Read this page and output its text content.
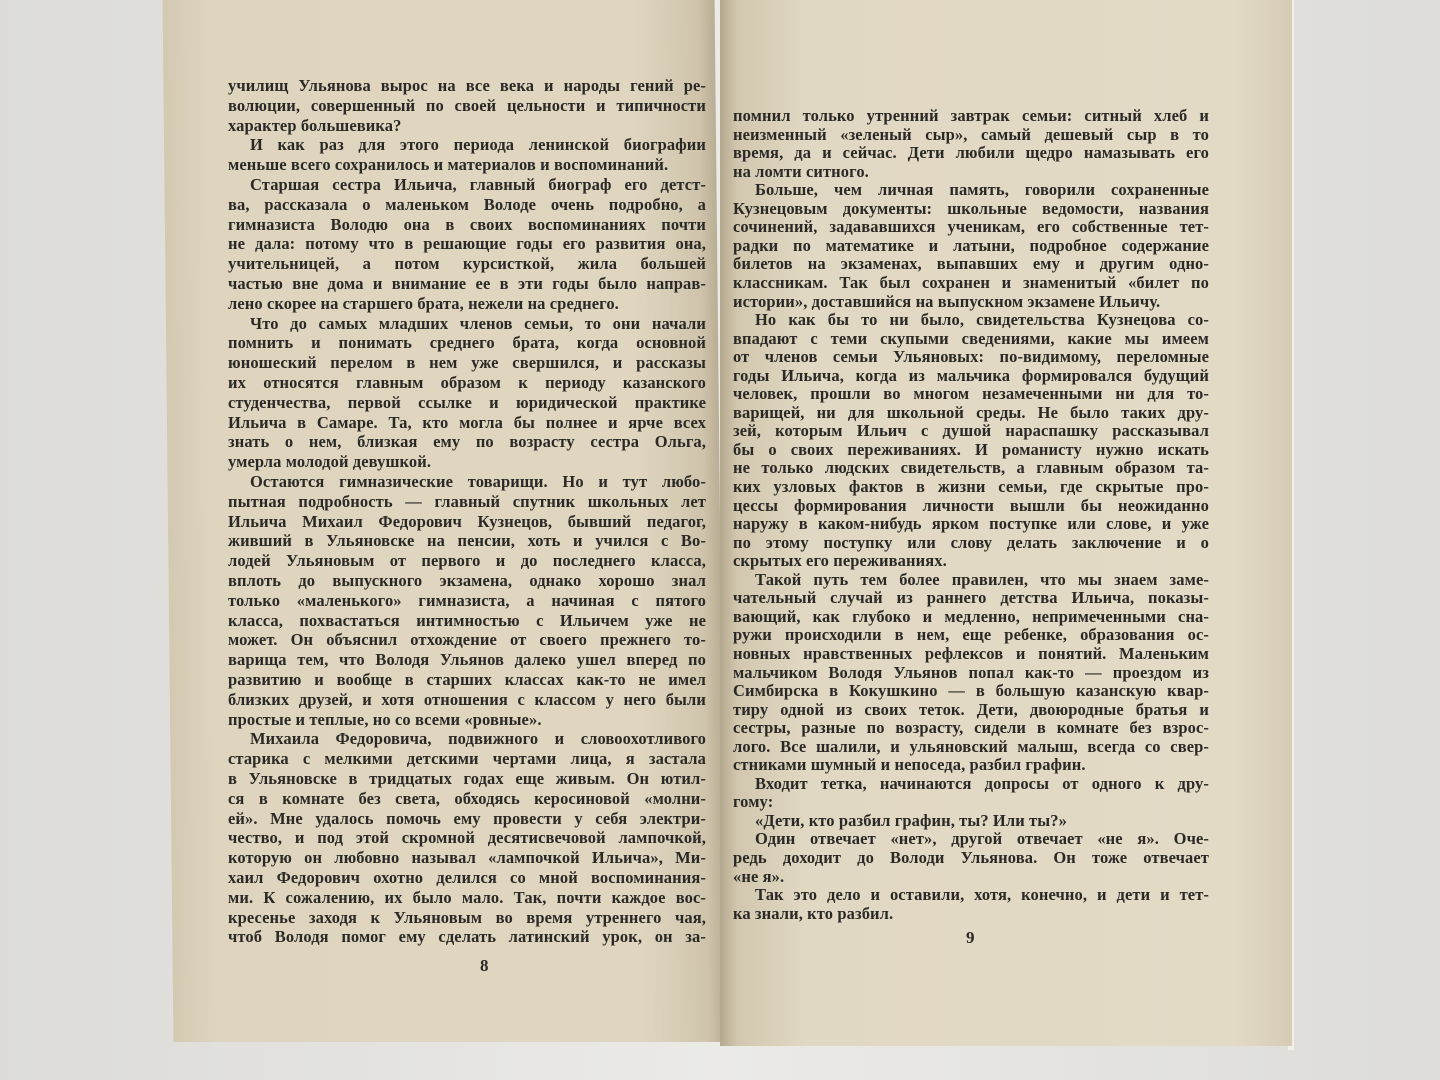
училищ Ульянова вырос на все века и народы гений ре-
волюции, совершенный по своей цельности и типичности
характер большевика?
И как раз для этого периода ленинской биографии
меньше всего сохранилось и материалов и воспоминаний.
Старшая сестра Ильича, главный биограф его детст-
ва, рассказала о маленьком Володе очень подробно, а
гимназиста Володю она в своих воспоминаниях почти
не дала: потому что в решающие годы его развития она,
учительницей, а потом курсисткой, жила большей
частью вне дома и внимание ее в эти годы было направ-
лено скорее на старшего брата, нежели на среднего.
Что до самых младших членов семьи, то они начали
помнить и понимать среднего брата, когда основной
юношеский перелом в нем уже свершился, и рассказы
их относятся главным образом к периоду казанского
студенчества, первой ссылке и юридической практике
Ильича в Самаре. Та, кто могла бы полнее и ярче всех
знать о нем, близкая ему по возрасту сестра Ольга,
умерла молодой девушкой.
Остаются гимназические товарищи. Но и тут любо-
пытная подробность — главный спутник школьных лет
Ильича Михаил Федорович Кузнецов, бывший педагог,
живший в Ульяновске на пенсии, хоть и учился с Во-
лодей Ульяновым от первого и до последнего класса,
вплоть до выпускного экзамена, однако хорошо знал
только «маленького» гимназиста, а начиная с пятого
класса, похвастаться интимностью с Ильичем уже не
может. Он объяснил отхождение от своего прежнего то-
варища тем, что Володя Ульянов далеко ушел вперед по
развитию и вообще в старших классах как-то не имел
близких друзей, и хотя отношения с классом у него были
простые и теплые, но со всеми «ровные».
Михаила Федоровича, подвижного и словоохотливого
старика с мелкими детскими чертами лица, я застала
в Ульяновске в тридцатых годах еще живым. Он ютил-
ся в комнате без света, обходясь керосиновой «молни-
ей». Мне удалось помочь ему провести у себя электри-
чество, и под этой скромной десятисвечовой лампочкой,
которую он любовно называл «лампочкой Ильича», Ми-
хаил Федорович охотно делился со мной воспоминания-
ми. К сожалению, их было мало. Так, почти каждое вос-
кресенье заходя к Ульяновым во время утреннего чая,
чтоб Володя помог ему сделать латинский урок, он за-
8
помнил только утренний завтрак семьи: ситный хлеб и
неизменный «зеленый сыр», самый дешевый сыр в то
время, да и сейчас. Дети любили щедро намазывать его
на ломти ситного.
Больше, чем личная память, говорили сохраненные
Кузнецовым документы: школьные ведомости, названия
сочинений, задававшихся ученикам, его собственные тет-
радки по математике и латыни, подробное содержание
билетов на экзаменах, выпавших ему и другим одно-
классникам. Так был сохранен и знаменитый «билет по
истории», доставшийся на выпускном экзамене Ильичу.
Но как бы то ни было, свидетельства Кузнецова со-
впадают с теми скупыми сведениями, какие мы имеем
от членов семьи Ульяновых: по-видимому, переломные
годы Ильича, когда из мальчика формировался будущий
человек, прошли во многом незамеченными ни для то-
варищей, ни для школьной среды. Не было таких дру-
зей, которым Ильич с душой нараспашку рассказывал
бы о своих переживаниях. И романисту нужно искать
не только людских свидетельств, а главным образом та-
ких узловых фактов в жизни семьи, где скрытые про-
цессы формирования личности вышли бы неожиданно
наружу в каком-нибудь ярком поступке или слове, и уже
по этому поступку или слову делать заключение и о
скрытых его переживаниях.
Такой путь тем более правилен, что мы знаем заме-
чательный случай из раннего детства Ильича, показы-
вающий, как глубоко и медленно, непримеченными сна-
ружи происходили в нем, еще ребенке, образования ос-
новных нравственных рефлексов и понятий. Маленьким
мальчиком Володя Ульянов попал как-то — проездом из
Симбирска в Кокушкино — в большую казанскую квар-
тиру одной из своих теток. Дети, двоюродные братья и
сестры, разные по возрасту, сидели в комнате без взрос-
лого. Все шалили, и ульяновский малыш, всегда со свер-
стниками шумный и непоседа, разбил графин.
Входит тетка, начинаются допросы от одного к дру-
гому:
«Дети, кто разбил графин, ты? Или ты?»
Один отвечает «нет», другой отвечает «не я». Оче-
редь доходит до Володи Ульянова. Он тоже отвечает
«не я».
Так это дело и оставили, хотя, конечно, и дети и тет-
ка знали, кто разбил.
9
